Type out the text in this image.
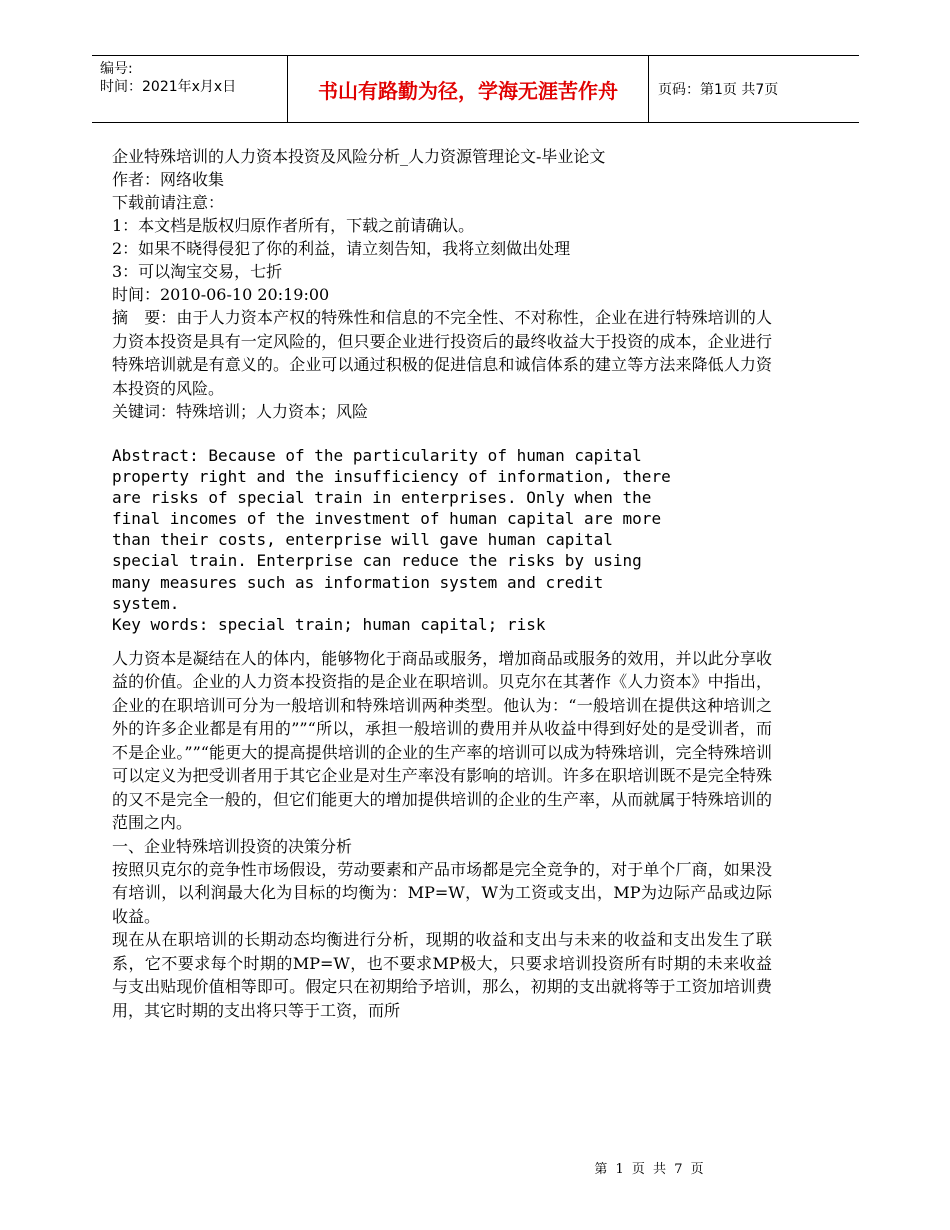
编号:
时间：2021年x月x日	书山有路勤为径，学海无涯苦作舟	页码：第1页 共7页
企业特殊培训的人力资本投资及风险分析_人力资源管理论文-毕业论文
作者：网络收集
下载前请注意：
1：本文档是版权归原作者所有，下载之前请确认。
2：如果不晓得侵犯了你的利益，请立刻告知，我将立刻做出处理
3：可以淘宝交易，七折
时间：2010-06-10 20:19:00
摘　要：由于人力资本产权的特殊性和信息的不完全性、不对称性，企业在进行特殊培训的人力资本投资是具有一定风险的，但只要企业进行投资后的最终收益大于投资的成本，企业进行特殊培训就是有意义的。企业可以通过积极的促进信息和诚信体系的建立等方法来降低人力资本投资的风险。
关键词：特殊培训；人力资本；风险
Abstract: Because of the particularity of human capital
property right and the insufficiency of information, there
are risks of special train in enterprises. Only when the
final incomes of the investment of human capital are more
than their costs, enterprise will gave human capital
special train. Enterprise can reduce the risks by using
many measures such as information system and credit
system.
Key words: special train; human capital; risk
人力资本是凝结在人的体内，能够物化于商品或服务，增加商品或服务的效用，并以此分享收益的价值。企业的人力资本投资指的是企业在职培训。贝克尔在其著作《人力资本》中指出，企业的在职培训可分为一般培训和特殊培训两种类型。他认为：“一般培训在提供这种培训之外的许多企业都是有用的””“所以，承担一般培训的费用并从收益中得到好处的是受训者，而不是企业。””“能更大的提高提供培训的企业的生产率的培训可以成为特殊培训，完全特殊培训可以定义为把受训者用于其它企业是对生产率没有影响的培训。许多在职培训既不是完全特殊的又不是完全一般的，但它们能更大的增加提供培训的企业的生产率，从而就属于特殊培训的范围之内。
一、企业特殊培训投资的决策分析
按照贝克尔的竞争性市场假设，劳动要素和产品市场都是完全竞争的，对于单个厂商，如果没有培训，以利润最大化为目标的均衡为：MP=W，W为工资或支出，MP为边际产品或边际收益。
现在从在职培训的长期动态均衡进行分析，现期的收益和支出与未来的收益和支出发生了联系，它不要求每个时期的MP=W，也不要求MP极大，只要求培训投资所有时期的未来收益与支出贴现价值相等即可。假定只在初期给予培训，那么，初期的支出就将等于工资加培训费用，其它时期的支出将只等于工资，而所
第 1 页 共 7 页
